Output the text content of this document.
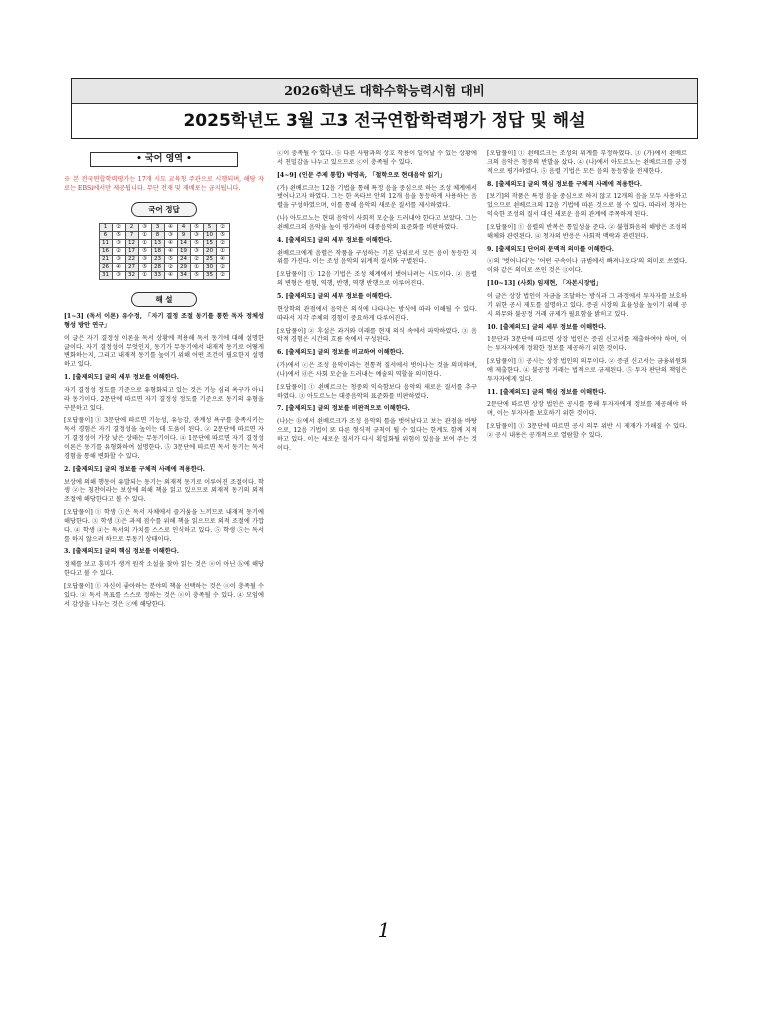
2026학년도 대학수학능력시험 대비
2025학년도 3월 고3 전국연합학력평가 정답 및 해설
• 국어 영역 •
※ 본 전국연합학력평가는 17개 시도 교육청 주관으로 시행되며, 해당 자료는 EBSi에서만 제공됩니다. 무단 전재 및 재배포는 금지됩니다.
국어 정답
1	②	2	③	3	④	4	⑤	5	②
6	⑤	7	①	8	③	9	③	10	⑤
11	③	12	①	13	④	14	⑤	15	②
16	②	17	⑤	18	④	19	③	20	①
21	③	22	③	23	⑤	24	②	25	④
26	④	27	⑤	28	②	29	①	30	②
31	③	32	①	33	④	34	⑤	35	②
해 설
[1~3] (독서 이론) 유수정, 「자기 결정 조절 동기를 통한 독자 정체성 형성 방안 연구」
이 글은 자기 결정성 이론을 독서 상황에 적용해 독서 동기에 대해 설명한 글이다. 자기 결정성이 무엇인지, 동기가 무동기에서 내재적 동기로 어떻게 변화하는지, 그리고 내재적 동기를 높이기 위해 어떤 조건이 필요한지 설명하고 있다.
1. [출제의도] 글의 세부 정보를 이해한다.
자기 결정성 정도를 기준으로 유형화되고 있는 것은 기능 심리 욕구가 아니라 동기이다. 2문단에 따르면 자기 결정성 정도를 기준으로 동기의 유형을 구분하고 있다.
[오답풀이] ① 3문단에 따르면 기능성, 유능감, 관계성 욕구를 충족시키는 독서 경험은 자기 결정성을 높이는 데 도움이 된다. ② 2문단에 따르면 자기 결정성이 가장 낮은 상태는 무동기이다. ④ 1문단에 따르면 자기 결정성 이론은 동기를 유형화하여 설명한다. ⑤ 3문단에 따르면 독서 동기는 독서 경험을 통해 변화할 수 있다.
2. [출제의도] 글의 정보를 구체적 사례에 적용한다.
보상에 의해 행동이 유발되는 동기는 외재적 동기로 이루어진 조절이다. 학생 ②는 칭찬이라는 보상에 의해 책을 읽고 있으므로 외재적 동기의 외적 조절에 해당한다고 볼 수 있다.
[오답풀이] ① 학생 ①은 독서 자체에서 즐거움을 느끼므로 내재적 동기에 해당한다. ③ 학생 ③은 과제 점수를 위해 책을 읽으므로 외적 조절에 가깝다. ④ 학생 ④는 독서의 가치를 스스로 인식하고 있다. ⑤ 학생 ⑤는 독서를 하지 않으려 하므로 무동기 상태이다.
3. [출제의도] 글의 핵심 정보를 이해한다.
정체를 보고 흥미가 생겨 원작 소설을 찾아 읽는 것은 ⓐ이 아닌 ⓑ에 해당한다고 볼 수 있다.
[오답풀이] ① 자신이 좋아하는 분야의 책을 선택하는 것은 ⓐ이 충족될 수 있다. ② 독서 목표를 스스로 정하는 것은 ⓐ이 충족될 수 있다. ④ 모임에서 감상을 나누는 것은 ⓒ에 해당한다.
ⓒ이 충족될 수 있다. ⑤ 다른 사람과의 상호 작용이 일어날 수 있는 상황에서 친밀감을 나누고 있으므로 ⓒ이 충족될 수 있다.
[4~9] (인문 주제 통합) 박영옥, 「철학으로 현대음악 읽기」
(가) 쇤베르크는 12음 기법을 통해 특정 음을 중심으로 하는 조성 체계에서 벗어나고자 하였다. 그는 한 옥타브 안의 12개 음을 동등하게 사용하는 음렬을 구성하였으며, 이를 통해 음악의 새로운 질서를 제시하였다.
(나) 아도르노는 현대 음악이 사회적 모순을 드러내야 한다고 보았다. 그는 쇤베르크의 음악을 높이 평가하며 대중음악의 표준화를 비판하였다.
4. [출제의도] 글의 세부 정보를 이해한다.
쇤베르크에게 음렬은 작품을 구성하는 기본 단위로서 모든 음이 동등한 지위를 가진다. 이는 조성 음악의 위계적 질서와 구별된다.
[오답풀이] ① 12음 기법은 조성 체계에서 벗어나려는 시도이다. ② 음렬의 변형은 원형, 역행, 반행, 역행 반행으로 이루어진다.
5. [출제의도] 글의 세부 정보를 이해한다.
현상학의 관점에서 음악은 의식에 나타나는 방식에 따라 이해될 수 있다. 따라서 지각 주체의 경험이 중요하게 다루어진다.
[오답풀이] ② 후설은 과거와 미래를 현재 의식 속에서 파악하였다. ③ 음악적 경험은 시간의 흐름 속에서 구성된다.
6. [출제의도] 글의 정보를 비교하여 이해한다.
(가)에서 ⓒ은 조성 음악이라는 전통적 질서에서 벗어나는 것을 의미하며, (나)에서 ⓓ은 사회 모순을 드러내는 예술의 역할을 의미한다.
[오답풀이] ① 쇤베르크는 청중의 익숙함보다 음악의 새로운 질서를 추구하였다. ③ 아도르노는 대중음악의 표준화를 비판하였다.
7. [출제의도] 글의 정보를 비판적으로 이해한다.
(나)는 ⓑ에서 쇤베르크가 조성 음악의 틀을 벗어났다고 보는 관점을 바탕으로, 12음 기법이 또 다른 형식적 규칙이 될 수 있다는 한계도 함께 지적하고 있다. 이는 새로운 질서가 다시 획일화될 위험이 있음을 보여 주는 것이다.
[오답풀이] ① 쇤베르크는 조성의 위계를 부정하였다. ③ (가)에서 쇤베르크의 음악은 청중의 반발을 샀다. ④ (나)에서 아도르노는 쇤베르크를 긍정적으로 평가하였다. ⑤ 음렬 기법은 모든 음의 동등함을 전제한다.
8. [출제의도] 글의 핵심 정보를 구체적 사례에 적용한다.
[보기]의 작품은 특정 음을 중심으로 하지 않고 12개의 음을 모두 사용하고 있으므로 쇤베르크의 12음 기법에 따른 것으로 볼 수 있다. 따라서 청자는 익숙한 조성의 질서 대신 새로운 음의 관계에 주목하게 된다.
[오답풀이] ① 음렬의 반복은 통일성을 준다. ② 불협화음의 해방은 조성의 해체와 관련된다. ④ 청자의 반응은 사회적 맥락과 관련된다.
9. [출제의도] 단어의 문맥적 의미를 이해한다.
ⓐ의 '벗어나다'는 '어떤 구속이나 규범에서 빠져나오다'의 의미로 쓰였다. 이와 같은 의미로 쓰인 것은 ③이다.
[10~13] (사회) 임재현, 「자본시장법」
이 글은 상장 법인이 자금을 조달하는 방식과 그 과정에서 투자자를 보호하기 위한 공시 제도를 설명하고 있다. 증권 시장의 효율성을 높이기 위해 공시 의무와 불공정 거래 규제가 필요함을 밝히고 있다.
10. [출제의도] 글의 세부 정보를 이해한다.
1문단과 3문단에 따르면 상장 법인은 증권 신고서를 제출하여야 하며, 이는 투자자에게 정확한 정보를 제공하기 위한 것이다.
[오답풀이] ① 공시는 상장 법인의 의무이다. ② 증권 신고서는 금융위원회에 제출한다. ④ 불공정 거래는 법적으로 규제된다. ⑤ 투자 판단의 책임은 투자자에게 있다.
11. [출제의도] 글의 핵심 정보를 이해한다.
2문단에 따르면 상장 법인은 공시를 통해 투자자에게 정보를 제공해야 하며, 이는 투자자를 보호하기 위한 것이다.
[오답풀이] ① 3문단에 따르면 공시 의무 위반 시 제재가 가해질 수 있다. ② 공시 내용은 공개적으로 열람할 수 있다.
1
